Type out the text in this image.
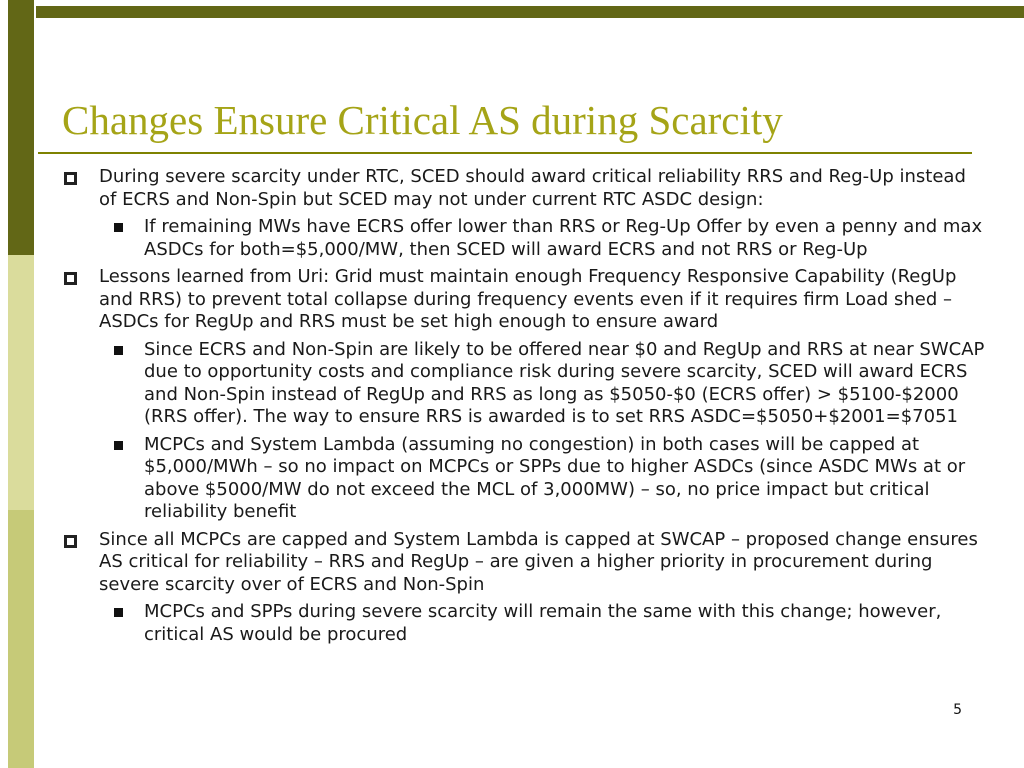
Changes Ensure Critical AS during Scarcity
During severe scarcity under RTC, SCED should award critical reliability RRS and Reg-Up instead of ECRS and Non-Spin but SCED may not under current RTC ASDC design:
If remaining MWs have ECRS offer lower than RRS or Reg-Up Offer by even a penny and max ASDCs for both=$5,000/MW, then SCED will award ECRS and not RRS or Reg-Up
Lessons learned from Uri: Grid must maintain enough Frequency Responsive Capability (RegUp and RRS) to prevent total collapse during frequency events even if it requires firm Load shed – ASDCs for RegUp and RRS must be set high enough to ensure award
Since ECRS and Non-Spin are likely to be offered near $0 and RegUp and RRS at near SWCAP due to opportunity costs and compliance risk during severe scarcity, SCED will award ECRS and Non-Spin instead of RegUp and RRS as long as $5050-$0 (ECRS offer) > $5100-$2000 (RRS offer). The way to ensure RRS is awarded is to set RRS ASDC=$5050+$2001=$7051
MCPCs and System Lambda (assuming no congestion) in both cases will be capped at $5,000/MWh – so no impact on MCPCs or SPPs due to higher ASDCs (since ASDC MWs at or above $5000/MW do not exceed the MCL of 3,000MW) – so, no price impact but critical reliability benefit
Since all MCPCs are capped and System Lambda is capped at SWCAP – proposed change ensures AS critical for reliability – RRS and RegUp – are given a higher priority in procurement during severe scarcity over of ECRS and Non-Spin
MCPCs and SPPs during severe scarcity will remain the same with this change; however, critical AS would be procured
5
